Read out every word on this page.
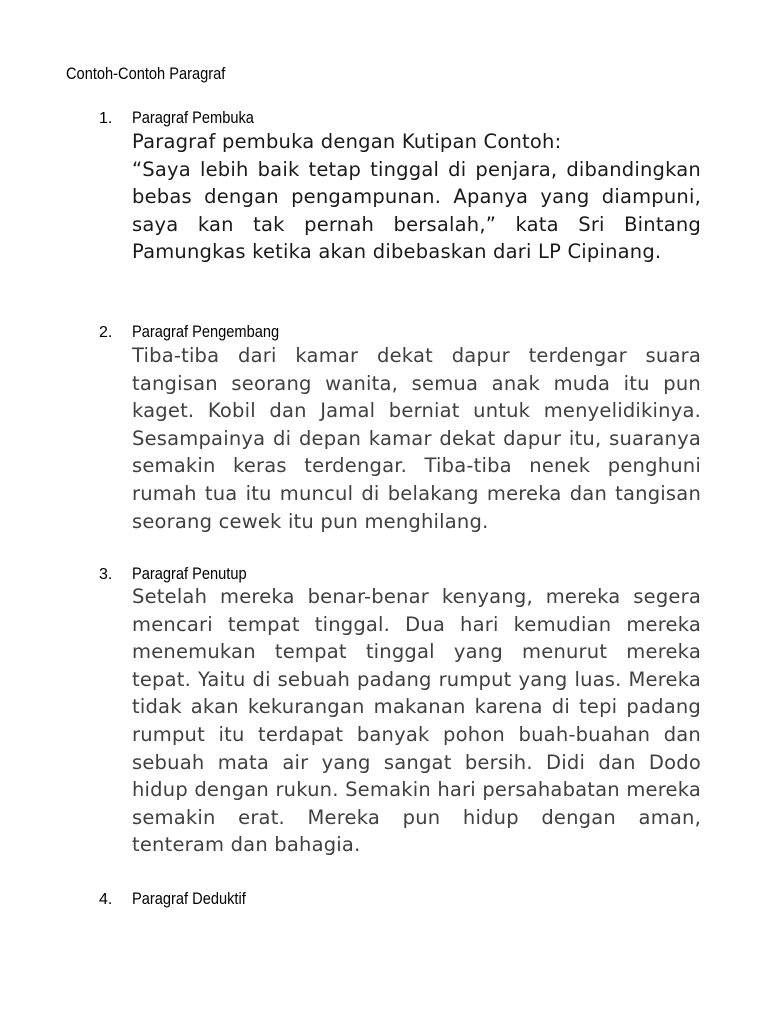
Contoh-Contoh Paragraf
1. Paragraf Pembuka

Paragraf pembuka dengan Kutipan Contoh:

“Saya lebih baik tetap tinggal di penjara, dibandingkan bebas dengan pengampunan. Apanya yang diampuni, saya kan tak pernah bersalah,” kata Sri Bintang Pamungkas ketika akan dibebaskan dari LP Cipinang.

2. Paragraf Pengembang

Tiba-tiba dari kamar dekat dapur terdengar suara tangisan seorang wanita, semua anak muda itu pun kaget. Kobil dan Jamal berniat untuk menyelidikinya. Sesampainya di depan kamar dekat dapur itu, suaranya semakin keras terdengar. Tiba-tiba nenek penghuni rumah tua itu muncul di belakang mereka dan tangisan seorang cewek itu pun menghilang.

3. Paragraf Penutup

Setelah mereka benar-benar kenyang, mereka segera mencari tempat tinggal. Dua hari kemudian mereka menemukan tempat tinggal yang menurut mereka tepat. Yaitu di sebuah padang rumput yang luas. Mereka tidak akan kekurangan makanan karena di tepi padang rumput itu terdapat banyak pohon buah-buahan dan sebuah mata air yang sangat bersih. Didi dan Dodo hidup dengan rukun. Semakin hari persahabatan mereka semakin erat. Mereka pun hidup dengan aman, tenteram dan bahagia.

4. Paragraf Deduktif
